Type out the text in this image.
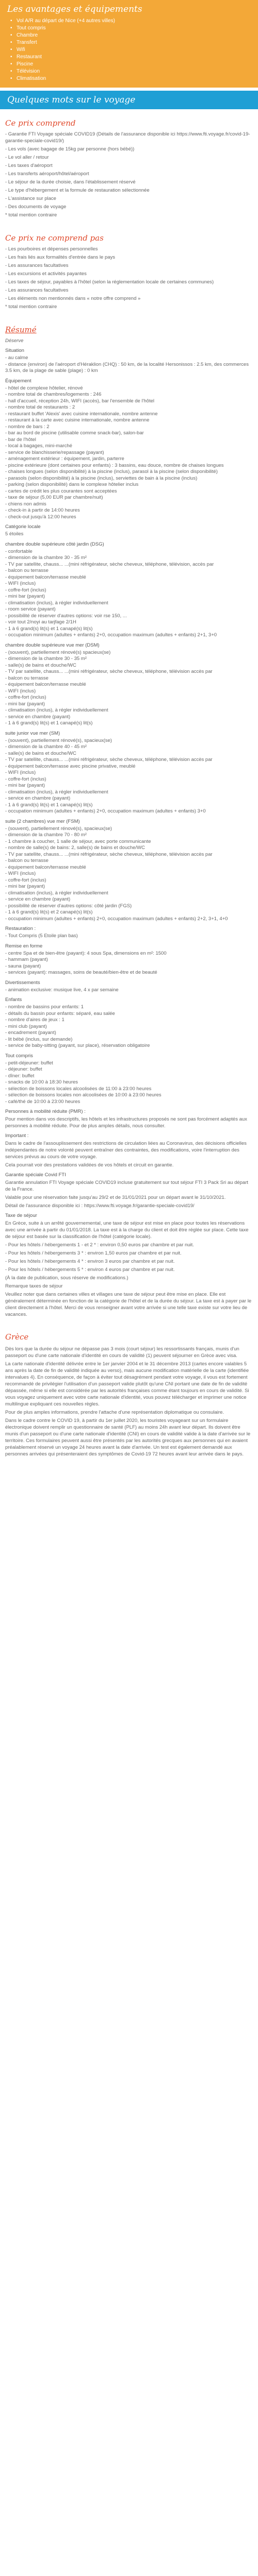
Les avantages et équipements
• Vol A/R au départ de Nice (+4 autres villes)
• Tout compris
• Chambre
• Transfert
• Wifi
• Restaurant
• Piscine
• Télévision
• Climatisation
Quelques mots sur le voyage
Ce prix comprend

- Garantie FTI Voyage spéciale COVID19 (Détails de l'assurance disponible ici https://www.fti.voyage.fr/covid-19-garantie-speciale-covid19/)

- Les vols (avec bagage de 15kg par personne (hors bébé))

- Le vol aller / retour

- Les taxes d'aéroport

- Les transferts aéroport/hôtel/aéroport

- Le séjour de la durée choisie, dans l'établissement réservé

- Le type d'hébergement et la formule de restauration sélectionnée

- L'assistance sur place

- Des documents de voyage

* total mention contraire

Ce prix ne comprend pas

- Les pourboires et dépenses personnelles

- Les frais liés aux formalités d'entrée dans le pays

- Les assurances facultatives

- Les excursions et activités payantes

- Les taxes de séjour, payables à l'hôtel (selon la réglementation locale de certaines communes)

- Les assurances facultatives

- Les éléments non mentionnés dans « notre offre comprend »

* total mention contraire

Résumé

Déserve

Situation
- au calme
- distance (environ) de l'aéroport d'Héraklion (CHQ) : 50 km, de la localité Hersonissos : 2.5 km, des commerces 3.5 km, de la plage de sable (plage) : 0 km
Équipement
- hôtel de complexe hôtelier, rénové
- nombre total de chambres/logements : 246
- hall d'accueil, réception 24h, WIFI (accès), bar l'ensemble de l'hôtel
- nombre total de restaurants : 2
- restaurant buffet 'Alexis' avec cuisine internationale, nombre antenne
- restaurant à la carte avec cuisine internationale, nombre antenne
- nombre de bars : 2
- bar au bord de piscine (utilisable comme snack-bar), salon-bar
- bar de l'hôtel
- local à bagages, mini-marché
- service de blanchisserie/repassage (payant)
- aménagement extérieur : équipement, jardin, parterre
- piscine extérieure (dont certaines pour enfants) : 3 bassins, eau douce, nombre de chaises longues
- chaises longues (selon disponibilité) à la piscine (inclus), parasol à la piscine (selon disponibilité)
- parasols (selon disponibilité) à la piscine (inclus), serviettes de bain à la piscine (inclus)
- parking (selon disponibilité) dans le complexe hôtelier inclus
- cartes de crédit les plus courantes sont acceptées
- taxe de séjour (5,00 EUR par chambre/nuit)
- chiens non admis
- check-in à partir de 14:00 heures
- check-out jusqu'à 12:00 heures
Catégorie locale
5 étoiles
chambre double supérieure côté jardin (DSG)
- confortable
- dimension de la chambre 30 - 35 m²
- TV par satellite, chauss... ...(mini réfrigérateur, sèche cheveux, téléphone, télévision, accès par
- balcon ou terrasse
- équipement balcon/terrasse meublé
- WIFI (inclus)
- coffre-fort (inclus)
- mini bar (payant)
- climatisation (inclus), à régler individuellement
- room service (payant)
- possibilité de réserver d'autres options: voir rse 150, ...
- voir tout 2/noyi au tarjfage 2/1H
- 1 à 6 grand(s) lit(s) et 1 canapé(s) lit(s)
- occupation minimum (adultes + enfants) 2+0, occupation maximum (adultes + enfants) 2+1, 3+0
chambre double supérieure vue mer (DSM)
- (souvent), partiellement rénové(s) spacieux(se)
- dimension de la chambre 30 - 35 m²
- salle(s) de bains et douche/WC
- TV par satellite, chauss... ...(mini réfrigérateur, sèche cheveux, téléphone, télévision accès par
- balcon ou terrasse
- équipement balcon/terrasse meublé
- WIFI (inclus)
- coffre-fort (inclus)
- mini bar (payant)
- climatisation (inclus), à régler individuellement
- service en chambre (payant)
- 1 à 6 grand(s) lit(s) et 1 canapé(s) lit(s)
suite junior vue mer (SM)
- (souvent), partiellement rénové(s), spacieux(se)
- dimension de la chambre 40 - 45 m²
- salle(s) de bains et douche/WC
- TV par satellite, chauss... ...(mini réfrigérateur, sèche cheveux, téléphone, télévision accès par
- équipement balcon/terrasse avec piscine privative, meublé
- WIFI (inclus)
- coffre-fort (inclus)
- mini bar (payant)
- climatisation (inclus), à régler individuellement
- service en chambre (payant)
- 1 à 6 grand(s) lit(s) et 1 canapé(s) lit(s)
- occupation minimum (adultes + enfants) 2+0, occupation maximum (adultes + enfants) 3+0
suite (2 chambres) vue mer (FSM)
- (souvent), partiellement rénové(s), spacieux(se)
- dimension de la chambre 70 - 80 m²
- 1 chambre à coucher, 1 salle de séjour, avec porte communicante
- nombre de salle(s) de bains: 2, salle(s) de bains et douche/WC
- TV par satellite, chauss... ...(mini réfrigérateur, sèche cheveux, téléphone, télévision accès par
- balcon ou terrasse
- équipement balcon/terrasse meublé
- WIFI (inclus)
- coffre-fort (inclus)
- mini bar (payant)
- climatisation (inclus), à régler individuellement
- service en chambre (payant)
- possibilité de réserver d'autres options: côté jardin (FGS)
- 1 à 6 grand(s) lit(s) et 2 canapé(s) lit(s)
- occupation minimum (adultes + enfants) 2+0, occupation maximum (adultes + enfants) 2+2, 3+1, 4+0
Restauration :
- Tout Compris (5 Etoile plan bas)
Remise en forme
- centre Spa et de bien-être (payant): 4 sous Spa, dimensions en m²: 1500
- hammam (payant)
- sauna (payant)
- services (payant): massages, soins de beauté/bien-être et de beauté
Divertissements
- animation exclusive: musique live, 4 x par semaine
Enfants
- nombre de bassins pour enfants: 1
- détails du bassin pour enfants: séparé, eau salée
- nombre d'aires de jeux : 1
- mini club (payant)
- encadrement (payant)
- lit bébé (inclus, sur demande)
- service de baby-sitting (payant, sur place), réservation obligatoire
Tout compris
- petit-déjeuner: buffet
- déjeuner: buffet
- dîner: buffet
- snacks de 10:00 à 18:30 heures
- sélection de boissons locales alcoolisées de 11:00 à 23:00 heures
- sélection de boissons locales non alcoolisées de 10:00 à 23:00 heures
- café/thé de 10:00 à 23:00 heures
Personnes à mobilité réduite (PMR) :

Pour mention dans vos descriptifs, les hôtels et les infrastructures proposés ne sont pas forcément adaptés aux personnes à mobilité réduite. Pour de plus amples détails, nous consulter.

Important :

Dans le cadre de l'assouplissement des restrictions de circulation liées au Coronavirus, des décisions officielles indépendantes de notre volonté peuvent entraîner des contraintes, des modifications, voire l'interruption des services prévus au cours de votre voyage.

Cela pourrait voir des prestations validées de vos hôtels et circuit en garantie.

Garantie spéciale Covid FTI

Garantie annulation FTI Voyage spéciale COVID19 incluse gratuitement sur tout séjour FTI 3 Pack Sri au départ de la France.

Valable pour une réservation faite jusqu'au 29/2 et de 31/01/2021 pour un départ avant le 31/10/2021.

Détail de l'assurance disponible ici : https://www.fti.voyage.fr/garantie-speciale-covid19/

Taxe de séjour

En Grèce, suite à un arrêté gouvernemental, une taxe de séjour est mise en place pour toutes les réservations avec une arrivée à partir du 01/01/2018. La taxe est à la charge du client et doit être réglée sur place. Cette taxe de séjour est basée sur la classification de l'hôtel (catégorie locale).

- Pour les hôtels / hébergements 1 - et 2 * : environ 0,50 euros par chambre et par nuit.

- Pour les hôtels / hébergements 3 * : environ 1,50 euros par chambre et par nuit.

- Pour les hôtels / hébergements 4 * : environ 3 euros par chambre et par nuit.

- Pour les hôtels / hébergements 5 * : environ 4 euros par chambre et par nuit.

(À la date de publication, sous réserve de modifications.)

Remarque taxes de séjour

Veuillez noter que dans certaines villes et villages une taxe de séjour peut être mise en place. Elle est généralement déterminée en fonction de la catégorie de l'hôtel et de la durée du séjour. La taxe est à payer par le client directement à l'hôtel. Merci de vous renseigner avant votre arrivée si une telle taxe existe sur votre lieu de vacances.

Grèce

Dès lors que la durée du séjour ne dépasse pas 3 mois (court séjour) les ressortissants français, munis d'un passeport ou d'une carte nationale d'identité en cours de validité (1) peuvent séjourner en Grèce avec visa.

La carte nationale d'identité délivrée entre le 1er janvier 2004 et le 31 décembre 2013 (cartes encore valables 5 ans après la date de fin de validité indiquée au verso), mais aucune modification matérielle de la carte (identifiée intervalues 4). En conséquence, de façon à éviter tout désagrément pendant votre voyage, il vous est fortement recommandé de privilégier l'utilisation d'un passeport valide plutôt qu'une CNI portant une date de fin de validité dépassée, même si elle est considérée par les autorités françaises comme étant toujours en cours de validité. Si vous voyagez uniquement avec votre carte nationale d'identité, vous pouvez télécharger et imprimer une notice multilingue expliquant ces nouvelles règles.

Pour de plus amples informations, prendre l'attache d'une représentation diplomatique ou consulaire.

Dans le cadre contre le COVID 19, à partir du 1er juillet 2020, les touristes voyageant sur un formulaire électronique doivent remplir un questionnaire de santé (PLF) au moins 24h avant leur départ. Ils doivent être munis d'un passeport ou d'une carte nationale d'identité (CNI) en cours de validité valide à la date d'arrivée sur le territoire. Ces formulaires peuvent aussi être présentés par les autorités grecques aux personnes qui en avaient préalablement réservé un voyage 24 heures avant la date d'arrivée. Un test est également demandé aux personnes arrivées qui présenteraient des symptômes de Covid-19 72 heures avant leur arrivée dans le pays.
